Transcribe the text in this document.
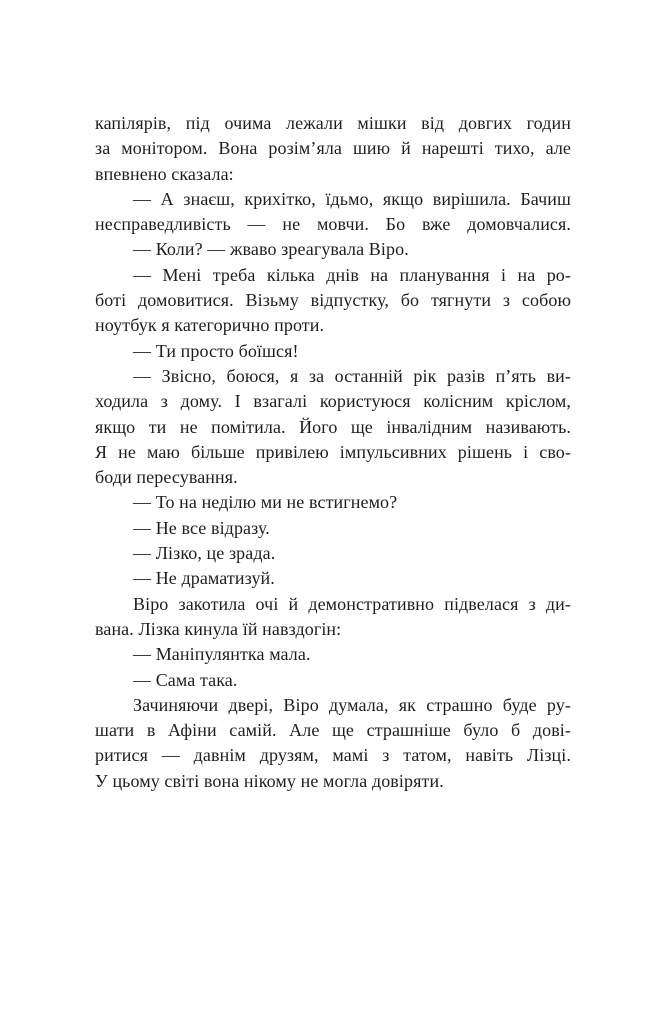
капілярів, під очима лежали мішки від довгих годин
за монітором. Вона розім’яла шию й нарешті тихо, але
впевнено сказала:
— А знаєш, крихітко, їдьмо, якщо вирішила. Бачиш
несправедливість — не мовчи. Бо вже домовчалися.
— Коли? — жваво зреагувала Віро.
— Мені треба кілька днів на планування і на ро-
боті домовитися. Візьму відпустку, бо тягнути з собою
ноутбук я категорично проти.
— Ти просто боїшся!
— Звісно, боюся, я за останній рік разів п’ять ви-
ходила з дому. І взагалі користуюся колісним кріслом,
якщо ти не помітила. Його ще інвалідним називають.
Я не маю більше привілею імпульсивних рішень і сво-
боди пересування.
— То на неділю ми не встигнемо?
— Не все відразу.
— Лізко, це зрада.
— Не драматизуй.
Віро закотила очі й демонстративно підвелася з ди-
вана. Лізка кинула їй навздогін:
— Маніпулянтка мала.
— Сама така.
Зачиняючи двері, Віро думала, як страшно буде ру-
шати в Афіни самій. Але ще страшніше було б дові-
ритися — давнім друзям, мамі з татом, навіть Лізці.
У цьому світі вона нікому не могла довіряти.
